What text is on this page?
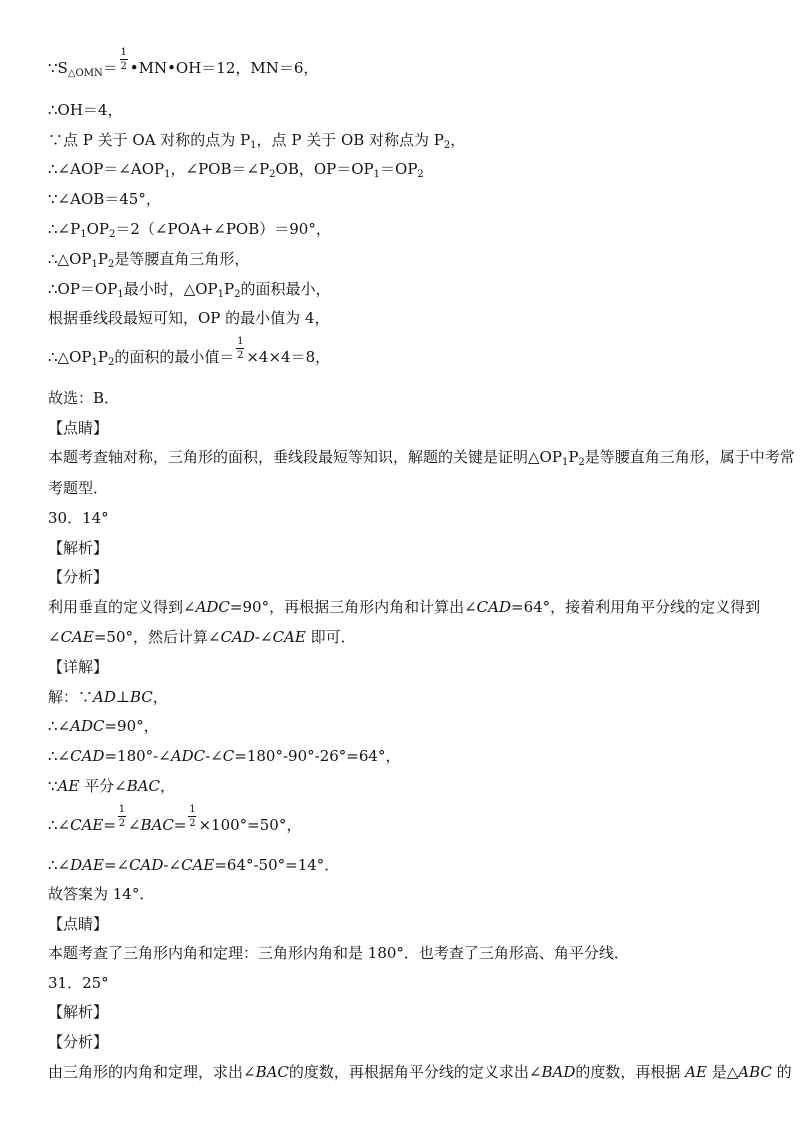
$\because S_{\triangle OMN}= \frac{1}{2}$ •MN•OH＝12，MN＝6，
∴OH＝4，
∵点 P 关于 OA 对称的点为 $P_1$，点 P 关于 OB 对称点为 $P_2$，
$\therefore\angle AOP=\angle AOP_1$，$\angle POB=\angle P_2OB$，$OP=OP_1=OP_2$
∵∠AOB＝45°，
$\therefore\angle P_1OP_2=2(\angle POA+\angle POB)=90^\circ$，
$\therefore\triangle OP_1P_2$是等腰直角三角形，
$\therefore OP=OP_1$最小时，$\triangle OP_1P_2$的面积最小，
根据垂线段最短可知，OP 的最小值为 4，
$\therefore\triangle OP_1P_2$的面积的最小值＝ $\frac{1}{2} \times 4\times 4=8$，
故选：B．
【点睛】
本题考查轴对称，三角形的面积，垂线段最短等知识，解题的关键是证明$\triangle OP_1P_2$是等腰直角三角形，属于中考常
考题型．
30．14°
【解析】
【分析】
利用垂直的定义得到∠ADC=90°，再根据三角形内角和计算出∠CAD=64°，接着利用角平分线的定义得到
∠CAE=50°，然后计算∠CAD-∠CAE 即可．
【详解】
解：∵AD⊥BC，
∴∠ADC=90°，
∴∠CAD=180°-∠ADC-∠C=180°-90°-26°=64°，
∵AE 平分∠BAC，
∴∠CAE= $\frac{1}{2}$ ∠BAC= $\frac{1}{2} \times 100^\circ=50^\circ$，
∴∠DAE=∠CAD-∠CAE=64°-50°=14°．
故答案为 14°．
【点睛】
本题考查了三角形内角和定理：三角形内角和是 180°．也考查了三角形高、角平分线．
31．25°
【解析】
【分析】
由三角形的内角和定理，求出∠BAC的度数，再根据角平分线的定义求出∠BAD的度数，再根据 AE 是△ABC 的
